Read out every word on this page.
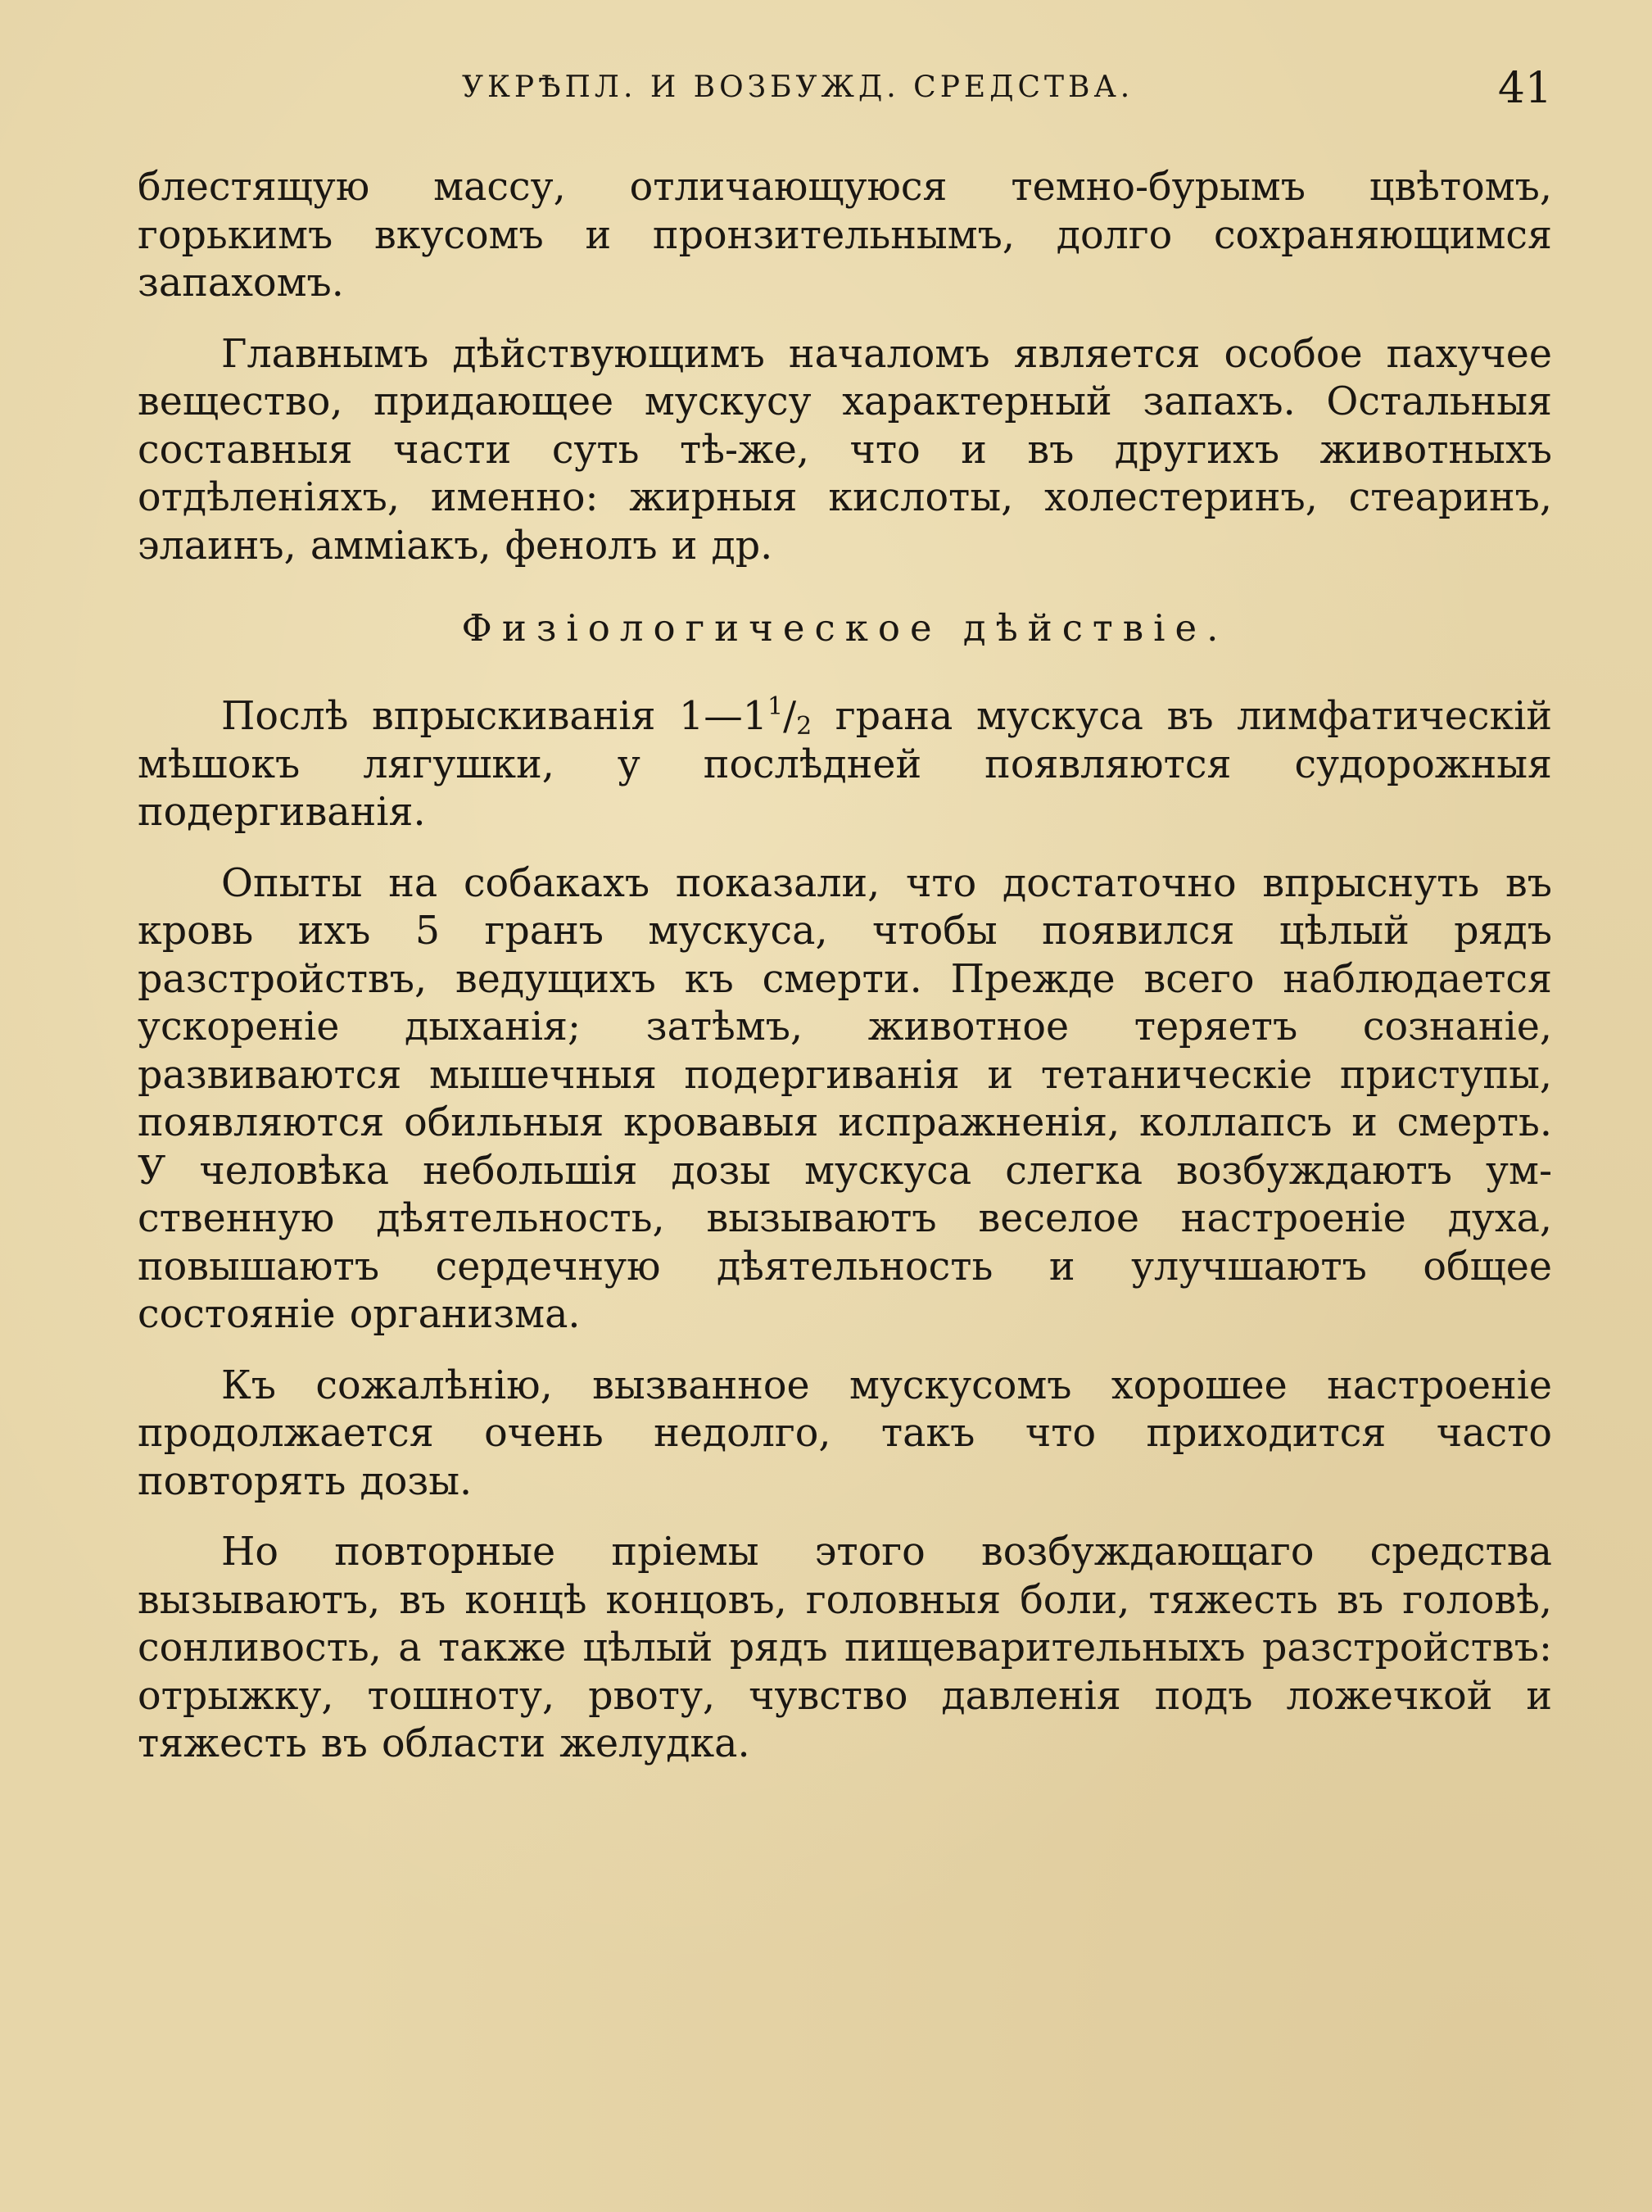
УКРѢПЛ. И ВОЗБУЖД. СРЕДСТВА.	41

блестящую массу, отличающуюся темно-бурымъ цвѣтомъ, горькимъ вкусомъ и пронзительнымъ, долго сохраняющимся запахомъ.

Главнымъ дѣйствующимъ началомъ является особое пахучее вещество, придающее мускусу характерный запахъ. Остальныя составныя части суть тѣ-же, что и въ другихъ животныхъ отдѣленіяхъ, именно: жирныя кислоты, холестеринъ, стеаринъ, элаинъ, амміакъ, фенолъ и др.

Физіологическое дѣйствіе.

Послѣ впрыскиванія $1—1^1/2$ грана мускуса въ лимфатическій мѣшокъ лягушки, у послѣдней появляются судорожныя подергиванія.

Опыты на собакахъ показали, что достаточно впрыснуть въ кровь ихъ 5 гранъ мускуса, чтобы появился цѣлый рядъ разстройствъ, ведущихъ къ смерти. Прежде всего наблюдается ускореніе дыханія; затѣмъ, животное теряетъ сознаніе, развиваются мышечныя подергиванія и тетаническіе приступы, появляются обильныя кровавыя испражненія, коллапсъ и смерть. У человѣка небольшія дозы мускуса слегка возбуждаютъ умственную дѣятельность, вызываютъ веселое настроеніе духа, повышаютъ сердечную дѣятельность и улучшаютъ общее состояніе организма.

Къ сожалѣнію, вызванное мускусомъ хорошее настроеніе продолжается очень недолго, такъ что приходится часто повторять дозы.

Но повторные пріемы этого возбуждающаго средства вызываютъ, въ концѣ концовъ, головныя боли, тяжесть въ головѣ, сонливость, а также цѣлый рядъ пищеварительныхъ разстройствъ: отрыжку, тошноту, рвоту, чувство давленія подъ ложечкой и тяжесть въ области желудка.
